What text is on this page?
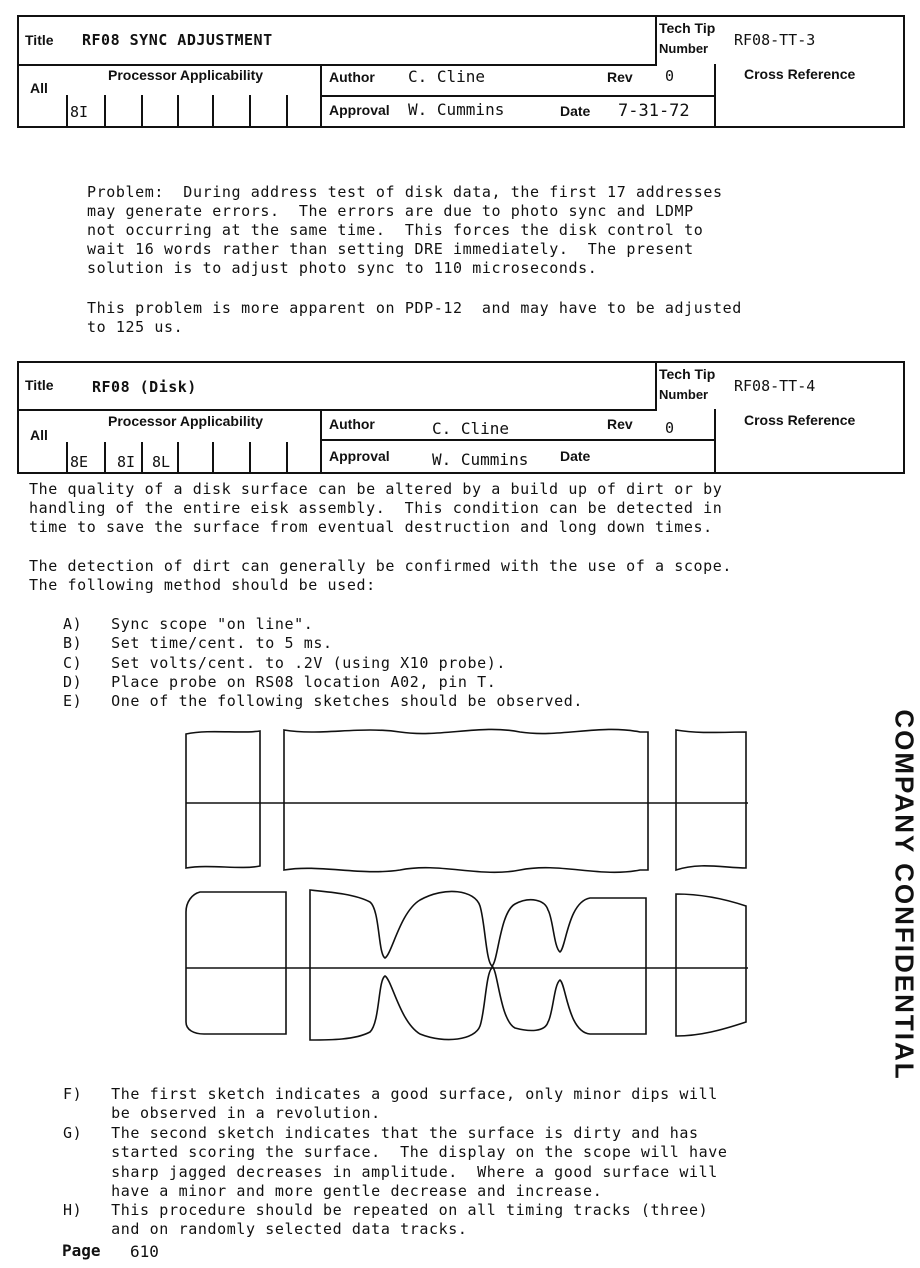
Title RF08 SYNC ADJUSTMENT
Tech Tip
Number RF08-TT-3
All
Processor Applicability
8I
Author C. Cline	Rev 0	Cross Reference
Approval W. Cummins	Date 7-31-72
Problem:  During address test of disk data, the first 17 addresses
may generate errors.  The errors are due to photo sync and LDMP
not occurring at the same time.  This forces the disk control to
wait 16 words rather than setting DRE immediately.  The present
solution is to adjust photo sync to 110 microseconds.
This problem is more apparent on PDP-12  and may have to be adjusted
to 125 us.
Title	RF08 (Disk)
Tech Tip
Number RF08-TT-4
All
Processor Applicability
8E 8I 8L
Author	C. Cline	Rev 0	Cross Reference
Approval	W. Cummins Date
The quality of a disk surface can be altered by a build up of dirt or by
handling of the entire eisk assembly.  This condition can be detected in
time to save the surface from eventual destruction and long down times.
The detection of dirt can generally be confirmed with the use of a scope.
The following method should be used:
A)   Sync scope "on line".
B)   Set time/cent. to 5 ms.
C)   Set volts/cent. to .2V (using X10 probe).
D)   Place probe on RS08 location A02, pin T.
E)   One of the following sketches should be observed.
F)   The first sketch indicates a good surface, only minor dips will
be observed in a revolution.
G)   The second sketch indicates that the surface is dirty and has
started scoring the surface.  The display on the scope will have
sharp jagged decreases in amplitude.  Where a good surface will
have a minor and more gentle decrease and increase.
H)   This procedure should be repeated on all timing tracks (three)
and on randomly selected data tracks.
Page 610
COMPANY CONFIDENTIAL
